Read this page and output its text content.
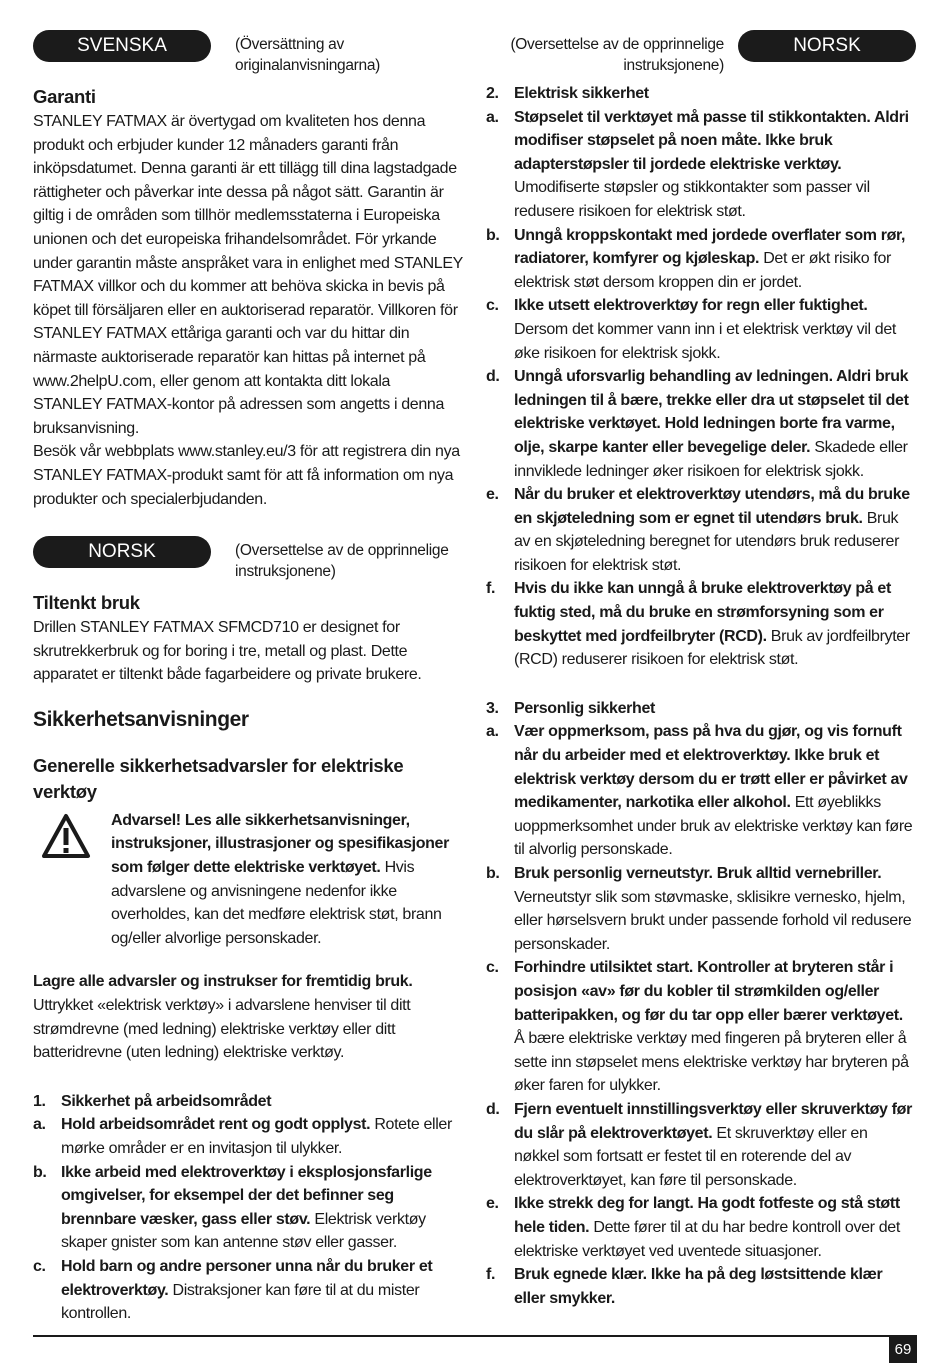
SVENSKA	(Översättning av originalanvisningarna)
Garanti

STANLEY FATMAX är övertygad om kvaliteten hos denna produkt och erbjuder kunder 12 månaders garanti från inköpsdatumet. Denna garanti är ett tillägg till dina lagstadgade rättigheter och påverkar inte dessa på något sätt. Garantin är giltig i de områden som tillhör medlemsstaterna i Europeiska unionen och det europeiska frihandelsområdet. För yrkande under garantin måste anspråket vara in enlighet med STANLEY FATMAX villkor och du kommer att behöva skicka in bevis på köpet till försäljaren eller en auktoriserad reparatör. Villkoren för STANLEY FATMAX ettåriga garanti och var du hittar din närmaste auktoriserade reparatör kan hittas på internet på www.2helpU.com, eller genom att kontakta ditt lokala STANLEY FATMAX-kontor på adressen som angetts i denna bruksanvisning.

Besök vår webbplats www.stanley.eu/3 för att registrera din nya STANLEY FATMAX-produkt samt för att få information om nya produkter och specialerbjudanden.

NORSK	(Oversettelse av de opprinnelige instruksjonene)
Tiltenkt bruk

Drillen STANLEY FATMAX SFMCD710 er designet for skrutrekkerbruk og for boring i tre, metall og plast. Dette apparatet er tiltenkt både fagarbeidere og private brukere.

Sikkerhetsanvisninger
Generelle sikkerhetsadvarsler for elektriske verktøy

Advarsel! Les alle sikkerhetsanvisninger, instruksjoner, illustrasjoner og spesifikasjoner som følger dette elektriske verktøyet. Hvis advarslene og anvisningene nedenfor ikke overholdes, kan det medføre elektrisk støt, brann og/eller alvorlige personskader.

Lagre alle advarsler og instrukser for fremtidig bruk.
Uttrykket «elektrisk verktøy» i advarslene henviser til ditt strømdrevne (med ledning) elektriske verktøy eller ditt batteridrevne (uten ledning) elektriske verktøy.

1. Sikkerhet på arbeidsområdet
a. Hold arbeidsområdet rent og godt opplyst. Rotete eller mørke områder er en invitasjon til ulykker.
b. Ikke arbeid med elektroverktøy i eksplosjonsfarlige omgivelser, for eksempel der det befinner seg brennbare væsker, gass eller støv. Elektrisk verktøy skaper gnister som kan antenne støv eller gasser.
c. Hold barn og andre personer unna når du bruker et elektroverktøy. Distraksjoner kan føre til at du mister kontrollen.
(Oversettelse av de opprinnelige instruksjonene)
NORSK
2. Elektrisk sikkerhet
a. Støpselet til verktøyet må passe til stikkontakten. Aldri modifiser støpselet på noen måte. Ikke bruk adapterstøpsler til jordede elektriske verktøy. Umodifiserte støpsler og stikkontakter som passer vil redusere risikoen for elektrisk støt.
b. Unngå kroppskontakt med jordede overflater som rør, radiatorer, komfyrer og kjøleskap. Det er økt risiko for elektrisk støt dersom kroppen din er jordet.
c. Ikke utsett elektroverktøy for regn eller fuktighet. Dersom det kommer vann inn i et elektrisk verktøy vil det øke risikoen for elektrisk sjokk.
d. Unngå uforsvarlig behandling av ledningen. Aldri bruk ledningen til å bære, trekke eller dra ut støpselet til det elektriske verktøyet. Hold ledningen borte fra varme, olje, skarpe kanter eller bevegelige deler. Skadede eller innviklede ledninger øker risikoen for elektrisk sjokk.
e. Når du bruker et elektroverktøy utendørs, må du bruke en skjøteledning som er egnet til utendørs bruk. Bruk av en skjøteledning beregnet for utendørs bruk reduserer risikoen for elektrisk støt.
f. Hvis du ikke kan unngå å bruke elektroverktøy på et fuktig sted, må du bruke en strømforsyning som er beskyttet med jordfeilbryter (RCD). Bruk av jordfeilbryter (RCD) reduserer risikoen for elektrisk støt.
3. Personlig sikkerhet
a. Vær oppmerksom, pass på hva du gjør, og vis fornuft når du arbeider med et elektroverktøy. Ikke bruk et elektrisk verktøy dersom du er trøtt eller er påvirket av medikamenter, narkotika eller alkohol. Ett øyeblikks uoppmerksomhet under bruk av elektriske verktøy kan føre til alvorlig personskade.
b. Bruk personlig verneutstyr. Bruk alltid vernebriller. Verneutstyr slik som støvmaske, sklisikre vernesko, hjelm, eller hørselsvern brukt under passende forhold vil redusere personskader.
c. Forhindre utilsiktet start. Kontroller at bryteren står i posisjon «av» før du kobler til strømkilden og/eller batteripakken, og før du tar opp eller bærer verktøyet. Å bære elektriske verktøy med fingeren på bryteren eller å sette inn støpselet mens elektriske verktøy har bryteren på øker faren for ulykker.
d. Fjern eventuelt innstillingsverktøy eller skruverktøy før du slår på elektroverktøyet. Et skruverktøy eller en nøkkel som fortsatt er festet til en roterende del av elektroverktøyet, kan føre til personskade.
e. Ikke strekk deg for langt. Ha godt fotfeste og stå støtt hele tiden. Dette fører til at du har bedre kontroll over det elektriske verktøyet ved uventede situasjoner.
f. Bruk egnede klær. Ikke ha på deg løstsittende klær eller smykker.
69
